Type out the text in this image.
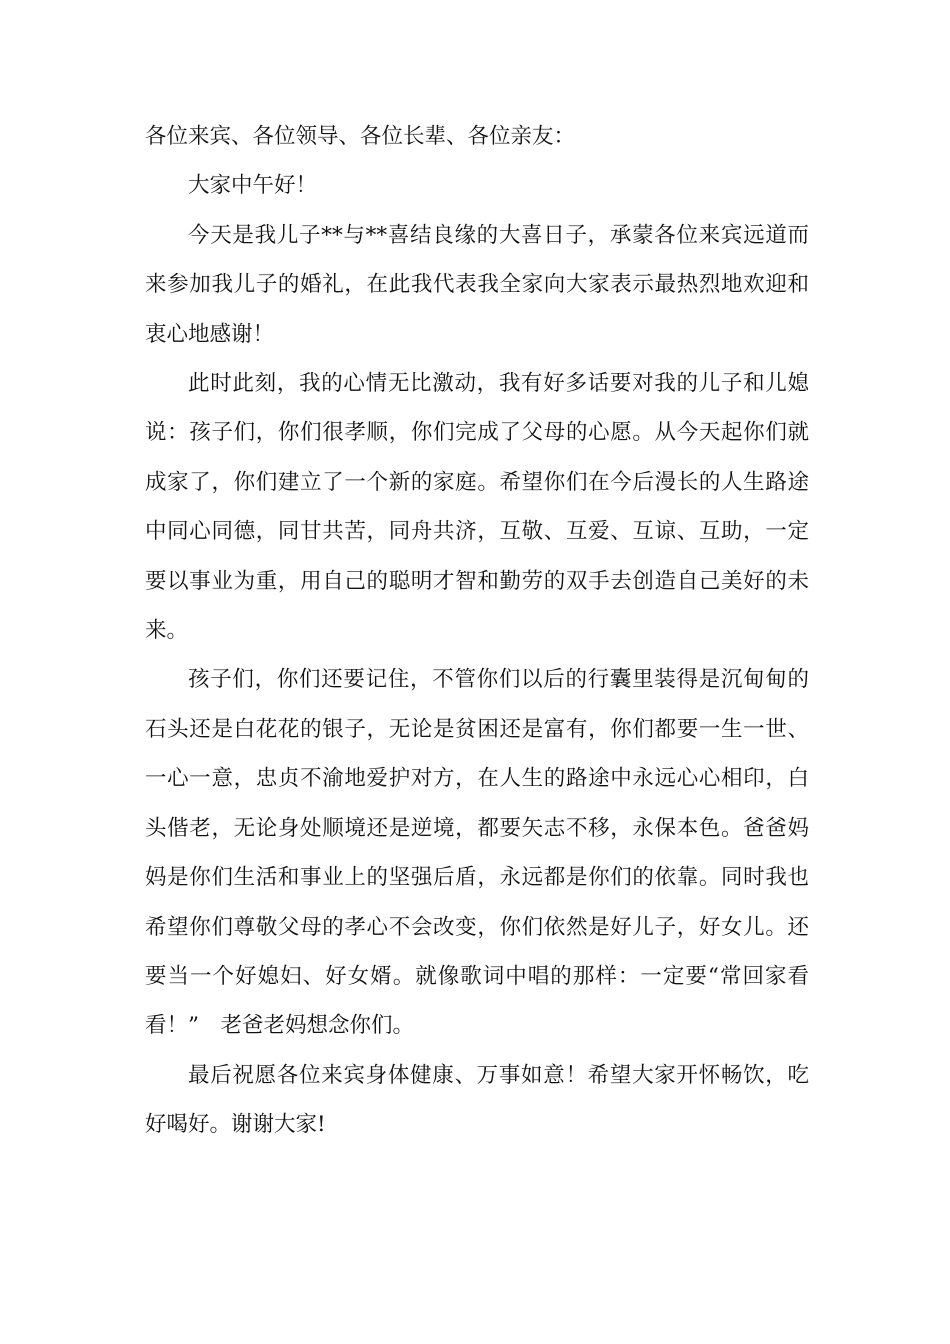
各位来宾、各位领导、各位长辈、各位亲友：

大家中午好！

今天是我儿子**与**喜结良缘的大喜日子，承蒙各位来宾远道而来参加我儿子的婚礼，在此我代表我全家向大家表示最热烈地欢迎和衷心地感谢！

此时此刻，我的心情无比激动，我有好多话要对我的儿子和儿媳说：孩子们，你们很孝顺，你们完成了父母的心愿。从今天起你们就成家了，你们建立了一个新的家庭。希望你们在今后漫长的人生路途中同心同德，同甘共苦，同舟共济，互敬、互爱、互谅、互助，一定要以事业为重，用自己的聪明才智和勤劳的双手去创造自己美好的未来。

孩子们，你们还要记住，不管你们以后的行囊里装得是沉甸甸的石头还是白花花的银子，无论是贫困还是富有，你们都要一生一世、一心一意，忠贞不渝地爱护对方，在人生的路途中永远心心相印，白头偕老，无论身处顺境还是逆境，都要矢志不移，永保本色。爸爸妈妈是你们生活和事业上的坚强后盾，永远都是你们的依靠。同时我也希望你们尊敬父母的孝心不会改变，你们依然是好儿子，好女儿。还要当一个好媳妇、好女婿。就像歌词中唱的那样：一定要“常回家看看！”　老爸老妈想念你们。

最后祝愿各位来宾身体健康、万事如意！希望大家开怀畅饮，吃好喝好。谢谢大家!
